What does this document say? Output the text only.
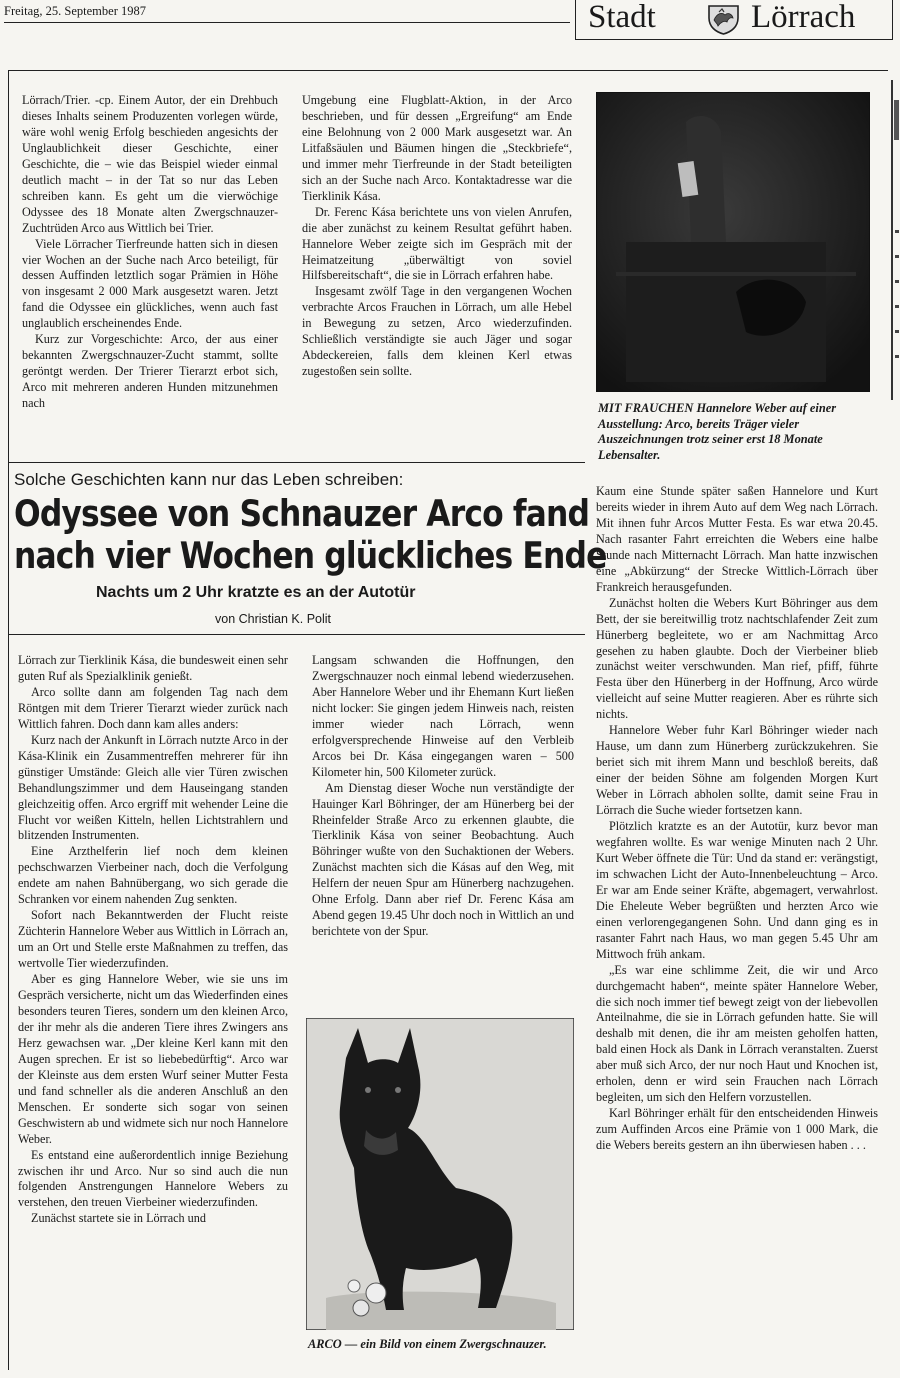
Freitag, 25. September 1987	Stadt	Lörrach

Lörrach/Trier. -cp. Einem Autor, der ein Drehbuch dieses Inhalts seinem Produzenten vorlegen würde, wäre wohl wenig Erfolg beschieden angesichts der Unglaublichkeit dieser Geschichte, einer Geschichte, die – wie das Beispiel wieder einmal deutlich macht – in der Tat so nur das Leben schreiben kann. Es geht um die vierwöchige Odyssee des 18 Monate alten Zwergschnauzer-Zuchtrüden Arco aus Wittlich bei Trier.

Viele Lörracher Tierfreunde hatten sich in diesen vier Wochen an der Suche nach Arco beteiligt, für dessen Auffinden letztlich sogar Prämien in Höhe von insgesamt 2 000 Mark ausgesetzt waren. Jetzt fand die Odyssee ein glückliches, wenn auch fast unglaublich erscheinendes Ende.

Kurz zur Vorgeschichte: Arco, der aus einer bekannten Zwergschnauzer-Zucht stammt, sollte geröntgt werden. Der Trierer Tierarzt erbot sich, Arco mit mehreren anderen Hunden mitzunehmen nach

Umgebung eine Flugblatt-Aktion, in der Arco beschrieben, und für dessen „Ergreifung“ am Ende eine Belohnung von 2 000 Mark ausgesetzt war. An Litfaßsäulen und Bäumen hingen die „Steckbriefe“, und immer mehr Tierfreunde in der Stadt beteiligten sich an der Suche nach Arco. Kontaktadresse war die Tierklinik Kásа.

Dr. Ferenc Kása berichtete uns von vielen Anrufen, die aber zunächst zu keinem Resultat geführt haben. Hannelore Weber zeigte sich im Gespräch mit der Heimatzeitung „überwältigt von soviel Hilfsbereitschaft“, die sie in Lörrach erfahren habe.

Insgesamt zwölf Tage in den vergangenen Wochen verbrachte Arcos Frauchen in Lörrach, um alle Hebel in Bewegung zu setzen, Arco wiederzufinden. Schließlich verständigte sie auch Jäger und sogar Abdeckereien, falls dem kleinen Kerl etwas zugestoßen sein sollte.

MIT FRAUCHEN Hannelore Weber auf einer Ausstellung: Arco, bereits Träger vieler Auszeichnungen trotz seiner erst 18 Monate Lebensalter.
Solche Geschichten kann nur das Leben schreiben:
Odyssee von Schnauzer Arco fand
nach vier Wochen glückliches Ende
Nachts um 2 Uhr kratzte es an der Autotür
von Christian K. Polit

Lörrach zur Tierklinik Kása, die bundesweit einen sehr guten Ruf als Spezialklinik genießt.

Arco sollte dann am folgenden Tag nach dem Röntgen mit dem Trierer Tierarzt wieder zurück nach Wittlich fahren. Doch dann kam alles anders:

Kurz nach der Ankunft in Lörrach nutzte Arco in der Kása-Klinik ein Zusammentreffen mehrerer für ihn günstiger Umstände: Gleich alle vier Türen zwischen Behandlungszimmer und dem Hauseingang standen gleichzeitig offen. Arco ergriff mit wehender Leine die Flucht vor weißen Kitteln, hellen Lichtstrahlern und blitzenden Instrumenten.

Eine Arzthelferin lief noch dem kleinen pechschwarzen Vierbeiner nach, doch die Verfolgung endete am nahen Bahnübergang, wo sich gerade die Schranken vor einem nahenden Zug senkten.

Sofort nach Bekanntwerden der Flucht reiste Züchterin Hannelore Weber aus Wittlich in Lörrach an, um an Ort und Stelle erste Maßnahmen zu treffen, das wertvolle Tier wiederzufinden.

Aber es ging Hannelore Weber, wie sie uns im Gespräch versicherte, nicht um das Wiederfinden eines besonders teuren Tieres, sondern um den kleinen Arco, der ihr mehr als die anderen Tiere ihres Zwingers ans Herz gewachsen war. „Der kleine Kerl kann mit den Augen sprechen. Er ist so liebebedürftig“. Arco war der Kleinste aus dem ersten Wurf seiner Mutter Festa und fand schneller als die anderen Anschluß an den Menschen. Er sonderte sich sogar von seinen Geschwistern ab und widmete sich nur noch Hannelore Weber.

Es entstand eine außerordentlich innige Beziehung zwischen ihr und Arco. Nur so sind auch die nun folgenden Anstrengungen Hannelore Webers zu verstehen, den treuen Vierbeiner wiederzufinden.

Zunächst startete sie in Lörrach und

Langsam schwanden die Hoffnungen, den Zwergschnauzer noch einmal lebend wiederzusehen. Aber Hannelore Weber und ihr Ehemann Kurt ließen nicht locker: Sie gingen jedem Hinweis nach, reisten immer wieder nach Lörrach, wenn erfolgversprechende Hinweise auf den Verbleib Arcos bei Dr. Kása eingegangen waren – 500 Kilometer hin, 500 Kilometer zurück.

Am Dienstag dieser Woche nun verständigte der Hauinger Karl Böhringer, der am Hünerberg bei der Rheinfelder Straße Arco zu erkennen glaubte, die Tierklinik Kása von seiner Beobachtung. Auch Böhringer wußte von den Suchaktionen der Webers. Zunächst machten sich die Kásas auf den Weg, mit Helfern der neuen Spur am Hünerberg nachzugehen. Ohne Erfolg. Dann aber rief Dr. Ferenc Kása am Abend gegen 19.45 Uhr doch noch in Wittlich an und berichtete von der Spur.

ARCO — ein Bild von einem Zwergschnauzer.

Kaum eine Stunde später saßen Hannelore und Kurt bereits wieder in ihrem Auto auf dem Weg nach Lörrach. Mit ihnen fuhr Arcos Mutter Festa. Es war etwa 20.45. Nach rasanter Fahrt erreichten die Webers eine halbe Stunde nach Mitternacht Lörrach. Man hatte inzwischen eine „Abkürzung“ der Strecke Wittlich-Lörrach über Frankreich herausgefunden.

Zunächst holten die Webers Kurt Böhringer aus dem Bett, der sie bereitwillig trotz nachtschlafender Zeit zum Hünerberg begleitete, wo er am Nachmittag Arco gesehen zu haben glaubte. Doch der Vierbeiner blieb zunächst weiter verschwunden. Man rief, pfiff, führte Festa über den Hünerberg in der Hoffnung, Arco würde vielleicht auf seine Mutter reagieren. Aber es rührte sich nichts.

Hannelore Weber fuhr Karl Böhringer wieder nach Hause, um dann zum Hünerberg zurückzukehren. Sie beriet sich mit ihrem Mann und beschloß bereits, daß einer der beiden Söhne am folgenden Morgen Kurt Weber in Lörrach abholen sollte, damit seine Frau in Lörrach die Suche wieder fortsetzen kann.

Plötzlich kratzte es an der Autotür, kurz bevor man wegfahren wollte. Es war wenige Minuten nach 2 Uhr. Kurt Weber öffnete die Tür: Und da stand er: verängstigt, im schwachen Licht der Auto-Innenbeleuchtung – Arco. Er war am Ende seiner Kräfte, abgemagert, verwahrlost. Die Eheleute Weber begrüßten und herzten Arco wie einen verlorengegangenen Sohn. Und dann ging es in rasanter Fahrt nach Haus, wo man gegen 5.45 Uhr am Mittwoch früh ankam.

„Es war eine schlimme Zeit, die wir und Arco durchgemacht haben“, meinte später Hannelore Weber, die sich noch immer tief bewegt zeigt von der liebevollen Anteilnahme, die sie in Lörrach gefunden hatte. Sie will deshalb mit denen, die ihr am meisten geholfen hatten, bald einen Hock als Dank in Lörrach veranstalten. Zuerst aber muß sich Arco, der nur noch Haut und Knochen ist, erholen, denn er wird sein Frauchen nach Lörrach begleiten, um sich den Helfern vorzustellen.

Karl Böhringer erhält für den entscheidenden Hinweis zum Auffinden Arcos eine Prämie von 1 000 Mark, die die Webers bereits gestern an ihn überwiesen haben . . .
